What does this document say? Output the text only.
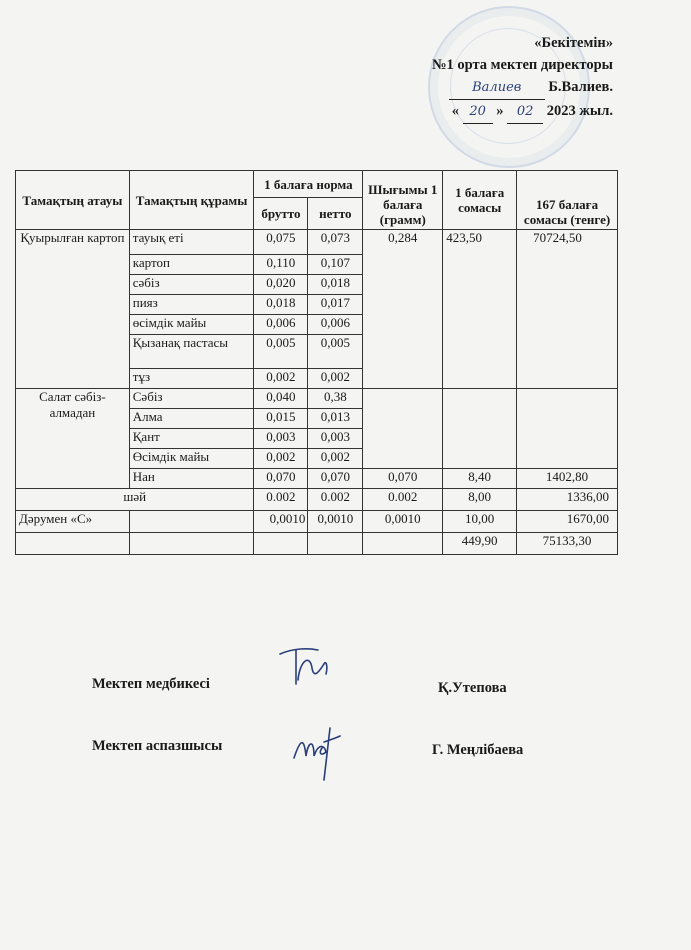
«Бекітемін»
№1 орта мектеп директоры
Валиев Б.Валиев.
« 20 » 02 2023 жыл.
Тамақтың атауы	Тамақтың құрамы	1 балаға норма		Шығымы 1 балаға (грамм)	1 балаға сомасы	167 балаға сомасы (тенге)
		брутто	нетто			
Қуырылған картоп	тауық еті	0,075	0,073	0,284	423,50	70724,50
	картоп	0,110	0,107			
	сәбіз	0,020	0,018			
	пияз	0,018	0,017			
	өсімдік майы	0,006	0,006			
	Қызанақ пастасы	0,005	0,005			
	тұз	0,002	0,002			
Салат сәбіз-алмадан	Сәбіз	0,040	0,38			
	Алма	0,015	0,013			
	Қант	0,003	0,003			
	Өсімдік майы	0,002	0,002			
	Нан	0,070	0,070	0,070	8,40	1402,80
шәй		0.002	0.002	0.002	8,00	1336,00
Дәрумен «С»		0,0010	0,0010	0,0010	10,00	1670,00
					449,90	75133,30
Мектеп медбикесі	Қ.Утепова
Мектеп аспазшысы	Г. Меңлібаева
